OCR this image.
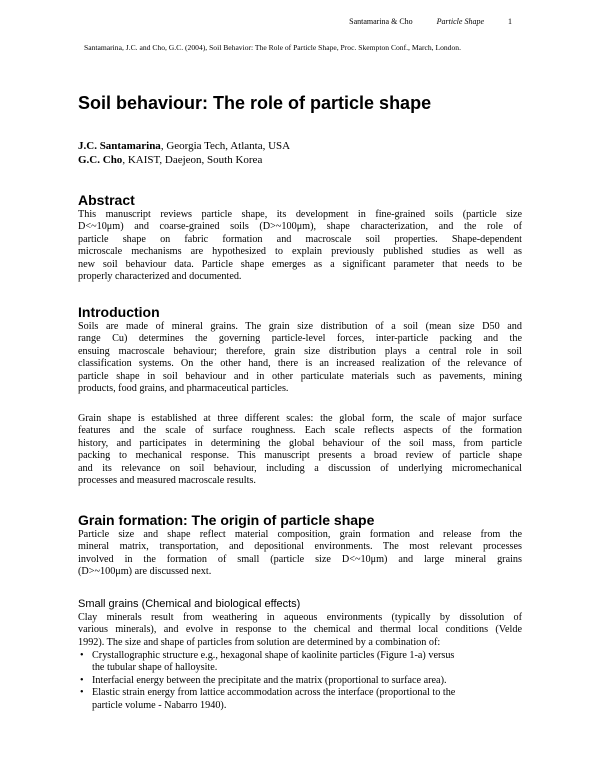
Santamarina & Cho	Particle Shape	1
Santamarina, J.C. and Cho, G.C. (2004), Soil Behavior: The Role of Particle Shape, Proc. Skempton Conf., March, London.
Soil behaviour: The role of particle shape
J.C. Santamarina, Georgia Tech, Atlanta, USA
G.C. Cho, KAIST, Daejeon, South Korea
Abstract
This manuscript reviews particle shape, its development in fine-grained soils (particle size
D<~10μm) and coarse-grained soils (D>~100μm), shape characterization, and the role of
particle shape on fabric formation and macroscale soil properties. Shape-dependent
microscale mechanisms are hypothesized to explain previously published studies as well as
new soil behaviour data. Particle shape emerges as a significant parameter that needs to be
properly characterized and documented.
Introduction
Soils are made of mineral grains. The grain size distribution of a soil (mean size D50 and
range Cu) determines the governing particle-level forces, inter-particle packing and the
ensuing macroscale behaviour; therefore, grain size distribution plays a central role in soil
classification systems. On the other hand, there is an increased realization of the relevance of
particle shape in soil behaviour and in other particulate materials such as pavements, mining
products, food grains, and pharmaceutical particles.
Grain shape is established at three different scales: the global form, the scale of major surface
features and the scale of surface roughness. Each scale reflects aspects of the formation
history, and participates in determining the global behaviour of the soil mass, from particle
packing to mechanical response. This manuscript presents a broad review of particle shape
and its relevance on soil behaviour, including a discussion of underlying micromechanical
processes and measured macroscale results.
Grain formation: The origin of particle shape
Particle size and shape reflect material composition, grain formation and release from the
mineral matrix, transportation, and depositional environments. The most relevant processes
involved in the formation of small (particle size D<~10μm) and large mineral grains
(D>~100μm) are discussed next.
Small grains (Chemical and biological effects)
Clay minerals result from weathering in aqueous environments (typically by dissolution of
various minerals), and evolve in response to the chemical and thermal local conditions (Velde
1992). The size and shape of particles from solution are determined by a combination of:
• Crystallographic structure e.g., hexagonal shape of kaolinite particles (Figure 1-a) versus
the tubular shape of halloysite.
• Interfacial energy between the precipitate and the matrix (proportional to surface area).
• Elastic strain energy from lattice accommodation across the interface (proportional to the
particle volume - Nabarro 1940).
